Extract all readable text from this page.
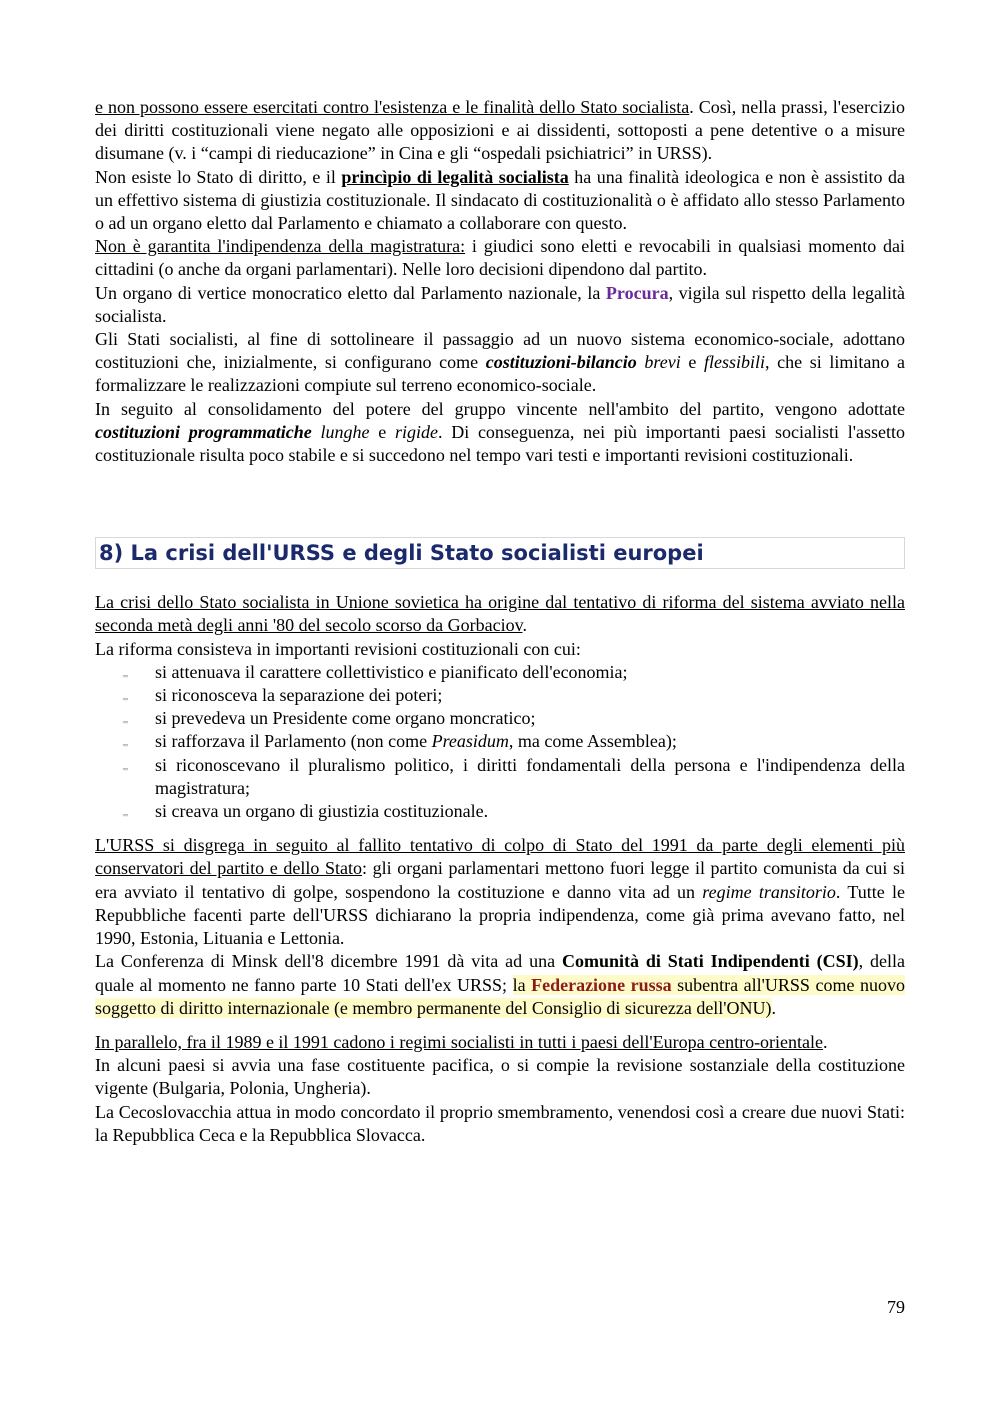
e non possono essere esercitati contro l'esistenza e le finalità dello Stato socialista. Così, nella prassi, l'esercizio dei diritti costituzionali viene negato alle opposizioni e ai dissidenti, sottoposti a pene detentive o a misure disumane (v. i “campi di rieducazione” in Cina e gli “ospedali psichiatrici” in URSS).

Non esiste lo Stato di diritto, e il princìpio di legalità socialista ha una finalità ideologica e non è assistito da un effettivo sistema di giustizia costituzionale. Il sindacato di costituzionalità o è affidato allo stesso Parlamento o ad un organo eletto dal Parlamento e chiamato a collaborare con questo.

Non è garantita l'indipendenza della magistratura: i giudici sono eletti e revocabili in qualsiasi momento dai cittadini (o anche da organi parlamentari). Nelle loro decisioni dipendono dal partito.

Un organo di vertice monocratico eletto dal Parlamento nazionale, la Procura, vigila sul rispetto della legalità socialista.

Gli Stati socialisti, al fine di sottolineare il passaggio ad un nuovo sistema economico-sociale, adottano costituzioni che, inizialmente, si configurano come costituzioni-bilancio brevi e flessibili, che si limitano a formalizzare le realizzazioni compiute sul terreno economico-sociale.

In seguito al consolidamento del potere del gruppo vincente nell'ambito del partito, vengono adottate costituzioni programmatiche lunghe e rigide. Di conseguenza, nei più importanti paesi socialisti l'assetto costituzionale risulta poco stabile e si succedono nel tempo vari testi e importanti revisioni costituzionali.

8) La crisi dell'URSS e degli Stato socialisti europei

La crisi dello Stato socialista in Unione sovietica ha origine dal tentativo di riforma del sistema avviato nella seconda metà degli anni '80 del secolo scorso da Gorbaciov.

La riforma consisteva in importanti revisioni costituzionali con cui:

‗ si attenuava il carattere collettivistico e pianificato dell'economia;
‗ si riconosceva la separazione dei poteri;
‗ si prevedeva un Presidente come organo moncratico;
‗ si rafforzava il Parlamento (non come Preasidum, ma come Assemblea);
‗ si riconoscevano il pluralismo politico, i diritti fondamentali della persona e l'indipendenza della magistratura;
‗ si creava un organo di giustizia costituzionale.

L'URSS si disgrega in seguito al fallito tentativo di colpo di Stato del 1991 da parte degli elementi più conservatori del partito e dello Stato: gli organi parlamentari mettono fuori legge il partito comunista da cui si era avviato il tentativo di golpe, sospendono la costituzione e danno vita ad un regime transitorio. Tutte le Repubbliche facenti parte dell'URSS dichiarano la propria indipendenza, come già prima avevano fatto, nel 1990, Estonia, Lituania e Lettonia.

La Conferenza di Minsk dell'8 dicembre 1991 dà vita ad una Comunità di Stati Indipendenti (CSI), della quale al momento ne fanno parte 10 Stati dell'ex URSS; la Federazione russa subentra all'URSS come nuovo soggetto di diritto internazionale (e membro permanente del Consiglio di sicurezza dell'ONU).

In parallelo, fra il 1989 e il 1991 cadono i regimi socialisti in tutti i paesi dell'Europa centro-orientale.

In alcuni paesi si avvia una fase costituente pacifica, o si compie la revisione sostanziale della costituzione vigente (Bulgaria, Polonia, Ungheria).

La Cecoslovacchia attua in modo concordato il proprio smembramento, venendosi così a creare due nuovi Stati: la Repubblica Ceca e la Repubblica Slovacca.

79
